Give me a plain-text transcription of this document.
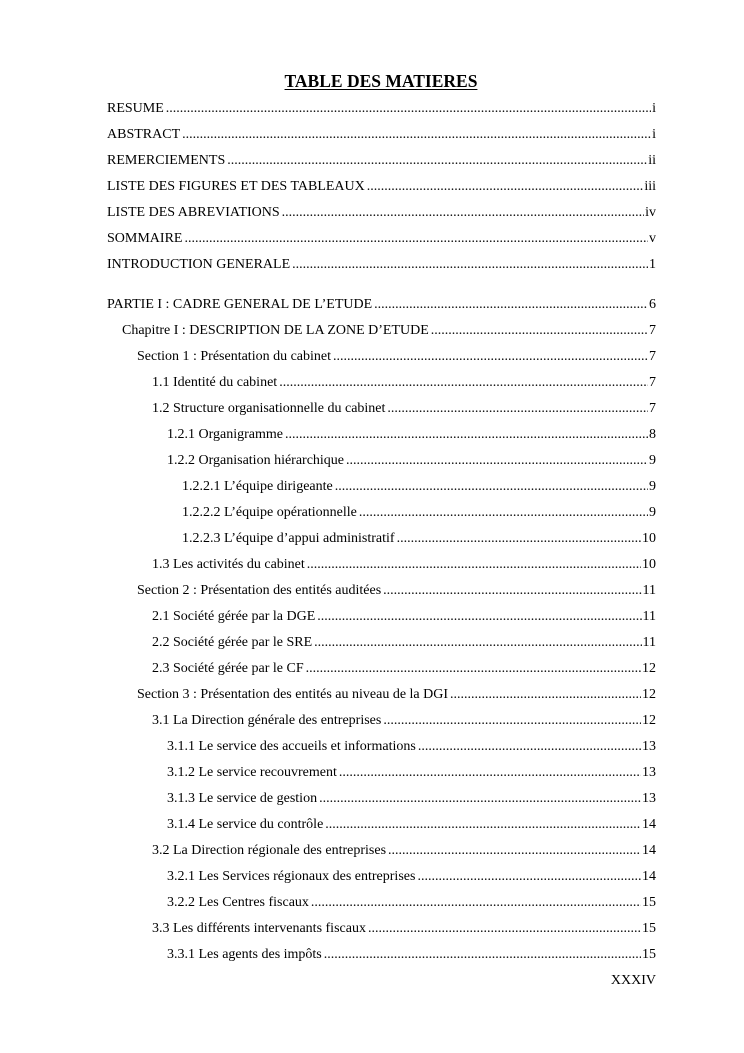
TABLE DES MATIERES
RESUME .....	i
ABSTRACT .....	i
REMERCIEMENTS .....	ii
LISTE DES FIGURES ET DES TABLEAUX .....	iii
LISTE DES ABREVIATIONS .....	iv
SOMMAIRE .....	v
INTRODUCTION GENERALE .....	1
PARTIE I : CADRE GENERAL DE L’ETUDE .....	6
Chapitre I : DESCRIPTION DE LA ZONE D’ETUDE .....	7
Section 1 : Présentation du cabinet .....	7
1.1 Identité du cabinet .....	7
1.2 Structure organisationnelle du cabinet .....	7
1.2.1 Organigramme .....	8
1.2.2 Organisation hiérarchique .....	9
1.2.2.1 L’équipe dirigeante .....	9
1.2.2.2 L’équipe opérationnelle .....	9
1.2.2.3 L’équipe d’appui administratif .....	10
1.3 Les activités du cabinet .....	10
Section 2 : Présentation des entités auditées .....	11
2.1 Société gérée par la DGE .....	11
2.2 Société gérée par le SRE .....	11
2.3 Société gérée par le CF .....	12
Section 3 : Présentation des entités au niveau de la DGI .....	12
3.1 La Direction générale des entreprises .....	12
3.1.1 Le service des accueils et informations .....	13
3.1.2 Le service recouvrement .....	13
3.1.3 Le service de gestion .....	13
3.1.4 Le service du contrôle .....	14
3.2 La Direction régionale des entreprises .....	14
3.2.1 Les Services régionaux des entreprises .....	14
3.2.2 Les Centres fiscaux .....	15
3.3 Les différents intervenants fiscaux .....	15
3.3.1 Les agents des impôts .....	15

XXXIV
